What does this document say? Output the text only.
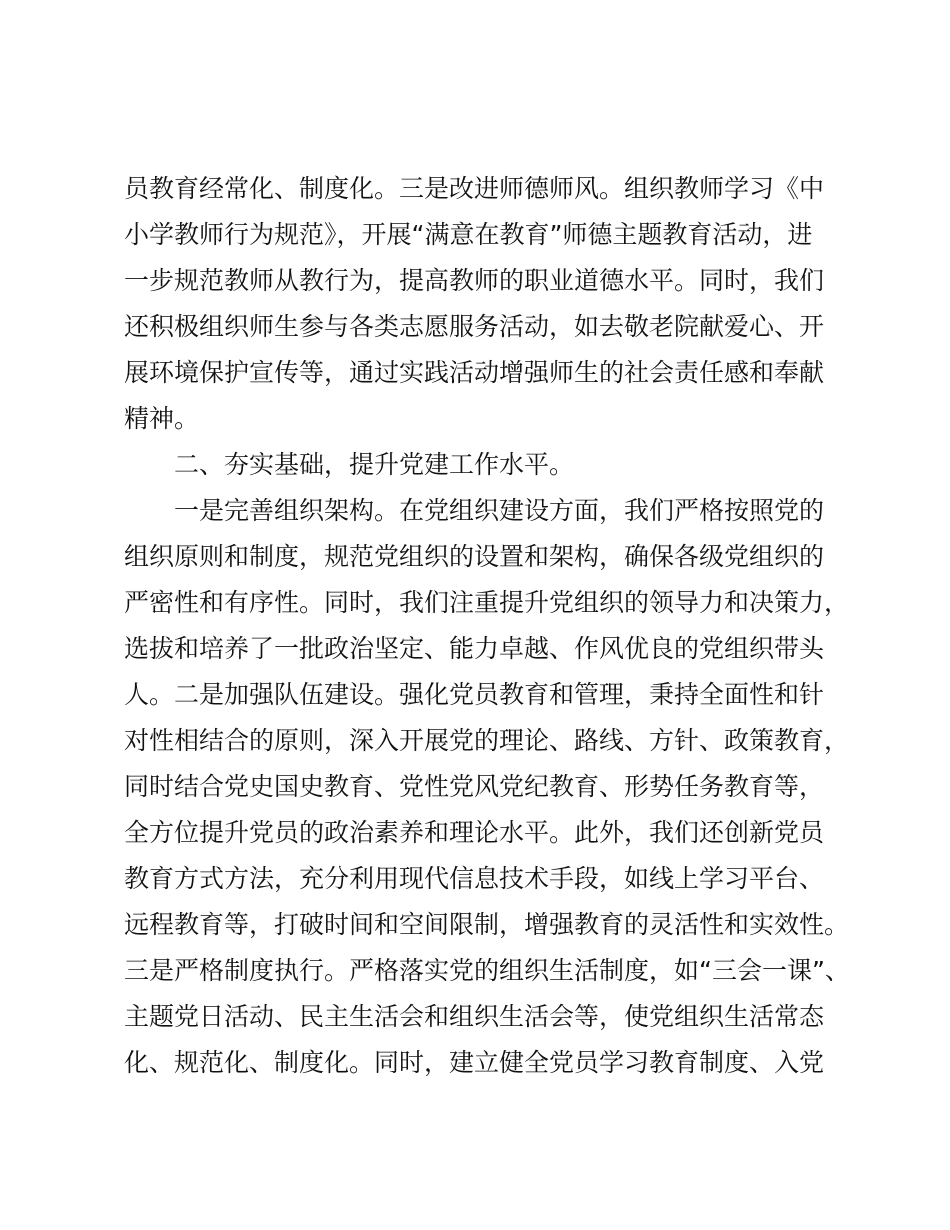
员教育经常化、制度化。三是改进师德师风。组织教师学习《中
小学教师行为规范》，开展“满意在教育”师德主题教育活动，进
一步规范教师从教行为，提高教师的职业道德水平。同时，我们
还积极组织师生参与各类志愿服务活动，如去敬老院献爱心、开
展环境保护宣传等，通过实践活动增强师生的社会责任感和奉献
精神。
　　二、夯实基础，提升党建工作水平。
　　一是完善组织架构。在党组织建设方面，我们严格按照党的
组织原则和制度，规范党组织的设置和架构，确保各级党组织的
严密性和有序性。同时，我们注重提升党组织的领导力和决策力，
选拔和培养了一批政治坚定、能力卓越、作风优良的党组织带头
人。二是加强队伍建设。强化党员教育和管理，秉持全面性和针
对性相结合的原则，深入开展党的理论、路线、方针、政策教育，
同时结合党史国史教育、党性党风党纪教育、形势任务教育等，
全方位提升党员的政治素养和理论水平。此外，我们还创新党员
教育方式方法，充分利用现代信息技术手段，如线上学习平台、
远程教育等，打破时间和空间限制，增强教育的灵活性和实效性。
三是严格制度执行。严格落实党的组织生活制度，如“三会一课”、
主题党日活动、民主生活会和组织生活会等，使党组织生活常态
化、规范化、制度化。同时，建立健全党员学习教育制度、入党
